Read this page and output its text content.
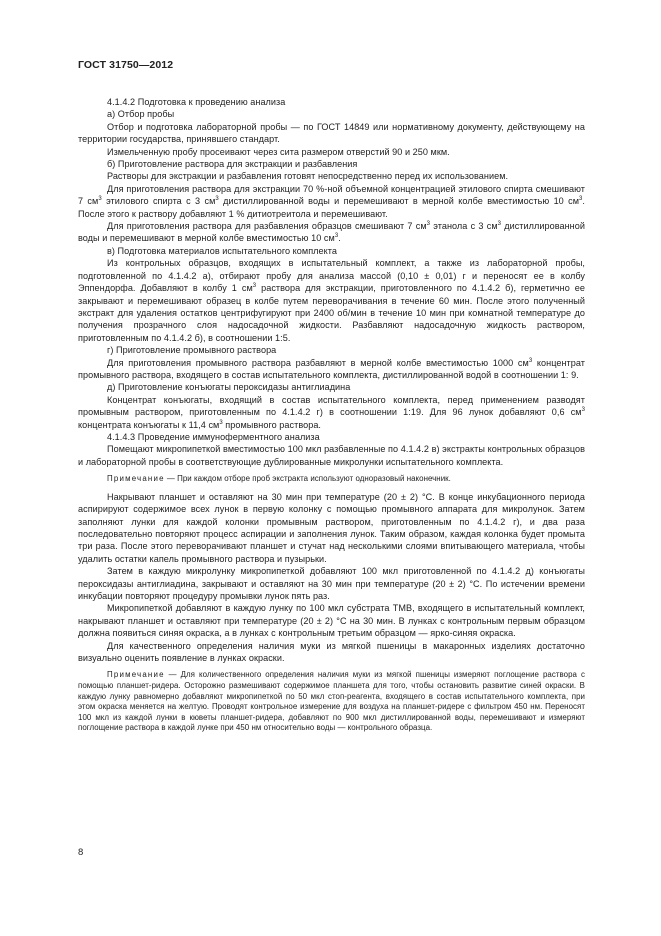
ГОСТ 31750—2012

4.1.4.2 Подготовка к проведению анализа

а) Отбор пробы

Отбор и подготовка лабораторной пробы — по ГОСТ 14849 или нормативному документу, действующему на территории государства, принявшего стандарт.

Измельченную пробу просеивают через сита размером отверстий 90 и 250 мкм.

б) Приготовление раствора для экстракции и разбавления

Растворы для экстракции и разбавления готовят непосредственно перед их использованием.

Для приготовления раствора для экстракции 70 %-ной объемной концентрацией этилового спирта смешивают 7 $см^3$ этилового спирта с 3 $см^3$ дистиллированной воды и перемешивают в мерной колбе вместимостью 10 $см^3$. После этого к раствору добавляют 1 % дитиотреитола и перемешивают.

Для приготовления раствора для разбавления образцов смешивают 7 $см^3$ этанола с 3 $см^3$ дистиллированной воды и перемешивают в мерной колбе вместимостью 10 $см^3$.

в) Подготовка материалов испытательного комплекта

Из контрольных образцов, входящих в испытательный комплект, а также из лабораторной пробы, подготовленной по 4.1.4.2 а), отбирают пробу для анализа массой (0,10 ± 0,01) г и переносят ее в колбу Эппендорфа. Добавляют в колбу 1 $см^3$ раствора для экстракции, приготовленного по 4.1.4.2 б), герметично ее закрывают и перемешивают образец в колбе путем переворачивания в течение 60 мин. После этого полученный экстракт для удаления остатков центрифугируют при 2400 об/мин в течение 10 мин при комнатной температуре до получения прозрачного слоя надосадочной жидкости. Разбавляют надосадочную жидкость раствором, приготовленным по 4.1.4.2 б), в соотношении 1:5.

г) Приготовление промывного раствора

Для приготовления промывного раствора разбавляют в мерной колбе вместимостью 1000 $см^3$ концентрат промывного раствора, входящего в состав испытательного комплекта, дистиллированной водой в соотношении 1: 9.

д) Приготовление конъюгаты пероксидазы антиглиадина

Концентрат конъюгаты, входящий в состав испытательного комплекта, перед применением разводят промывным раствором, приготовленным по 4.1.4.2 г) в соотношении 1:19. Для 96 лунок добавляют 0,6 $см^3$ концентрата конъюгаты к 11,4 $см^3$ промывного раствора.

4.1.4.3 Проведение иммуноферментного анализа

Помещают микропипеткой вместимостью 100 мкл разбавленные по 4.1.4.2 в) экстракты контрольных образцов и лабораторной пробы в соответствующие дублированные микролунки испытательного комплекта.

Примечание — При каждом отборе проб экстракта используют одноразовый наконечник.

Накрывают планшет и оставляют на 30 мин при температуре (20 ± 2) °С. В конце инкубационного периода аспирируют содержимое всех лунок в первую колонку с помощью промывного аппарата для микролунок. Затем заполняют лунки для каждой колонки промывным раствором, приготовленным по 4.1.4.2 г), и два раза последовательно повторяют процесс аспирации и заполнения лунок. Таким образом, каждая колонка будет промыта три раза. После этого переворачивают планшет и стучат над несколькими слоями впитывающего материала, чтобы удалить остатки капель промывного раствора и пузырьки.

Затем в каждую микролунку микропипеткой добавляют 100 мкл приготовленной по 4.1.4.2 д) конъюгаты пероксидазы антиглиадина, закрывают и оставляют на 30 мин при температуре (20 ± 2) °С. По истечении времени инкубации повторяют процедуру промывки лунок пять раз.

Микропипеткой добавляют в каждую лунку по 100 мкл субстрата ТМВ, входящего в испытательный комплект, накрывают планшет и оставляют при температуре (20 ± 2) °С на 30 мин. В лунках с контрольным первым образцом должна появиться синяя окраска, а в лунках с контрольным третьим образцом — ярко-синяя окраска.

Для качественного определения наличия муки из мягкой пшеницы в макаронных изделиях достаточно визуально оценить появление в лунках окраски.

Примечание — Для количественного определения наличия муки из мягкой пшеницы измеряют поглощение раствора с помощью планшет-ридера. Осторожно размешивают содержимое планшета для того, чтобы остановить развитие синей окраски. В каждую лунку равномерно добавляют микропипеткой по 50 мкл стоп-реагента, входящего в состав испытательного комплекта, при этом окраска меняется на желтую. Проводят контрольное измерение для воздуха на планшет-ридере с фильтром 450 нм. Переносят 100 мкл из каждой лунки в кюветы планшет-ридера, добавляют по 900 мкл дистиллированной воды, перемешивают и измеряют поглощение раствора в каждой лунке при 450 нм относительно воды — контрольного образца.

8
